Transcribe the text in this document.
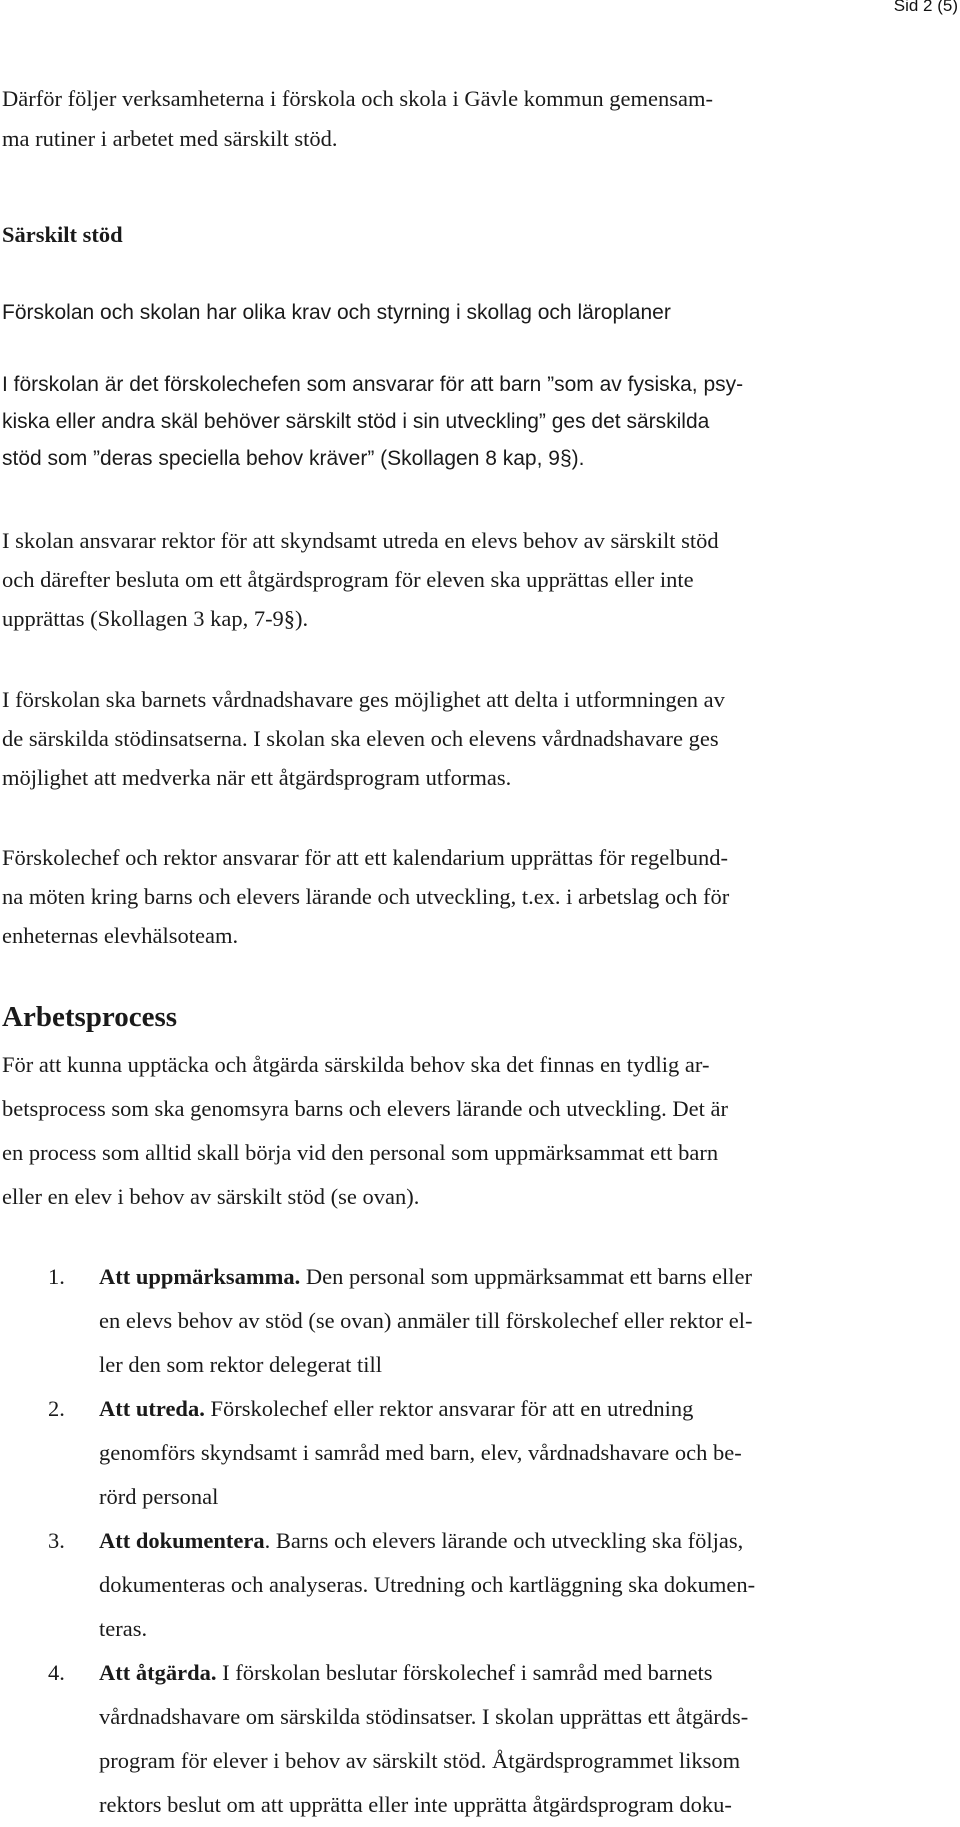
Sid 2 (5)
Därför följer verksamheterna i förskola och skola i Gävle kommun gemensam-
ma rutiner i arbetet med särskilt stöd.
Särskilt stöd
Förskolan och skolan har olika krav och styrning i skollag och läroplaner
I förskolan är det förskolechefen som ansvarar för att barn ”som av fysiska, psy-
kiska eller andra skäl behöver särskilt stöd i sin utveckling” ges det särskilda
stöd som ”deras speciella behov kräver” (Skollagen 8 kap, 9§).
I skolan ansvarar rektor för att skyndsamt utreda en elevs behov av särskilt stöd
och därefter besluta om ett åtgärdsprogram för eleven ska upprättas eller inte
upprättas (Skollagen 3 kap, 7-9§).
I förskolan ska barnets vårdnadshavare ges möjlighet att delta i utformningen av
de särskilda stödinsatserna. I skolan ska eleven och elevens vårdnadshavare ges
möjlighet att medverka när ett åtgärdsprogram utformas.
Förskolechef och rektor ansvarar för att ett kalendarium upprättas för regelbund-
na möten kring barns och elevers lärande och utveckling, t.ex. i arbetslag och för
enheternas elevhälsoteam.
Arbetsprocess
För att kunna upptäcka och åtgärda särskilda behov ska det finnas en tydlig ar-
betsprocess som ska genomsyra barns och elevers lärande och utveckling. Det är
en process som alltid skall börja vid den personal som uppmärksammat ett barn
eller en elev i behov av särskilt stöd (se ovan).
1.	Att uppmärksamma. Den personal som uppmärksammat ett barns eller
en elevs behov av stöd (se ovan) anmäler till förskolechef eller rektor el-
ler den som rektor delegerat till
2.	Att utreda. Förskolechef eller rektor ansvarar för att en utredning
genomförs skyndsamt i samråd med barn, elev, vårdnadshavare och be-
rörd personal
3.	Att dokumentera. Barns och elevers lärande och utveckling ska följas,
dokumenteras och analyseras. Utredning och kartläggning ska dokumen-
teras.
4.	Att åtgärda. I förskolan beslutar förskolechef i samråd med barnets
vårdnadshavare om särskilda stödinsatser. I skolan upprättas ett åtgärds-
program för elever i behov av särskilt stöd. Åtgärdsprogrammet liksom
rektors beslut om att upprätta eller inte upprätta åtgärdsprogram doku-
